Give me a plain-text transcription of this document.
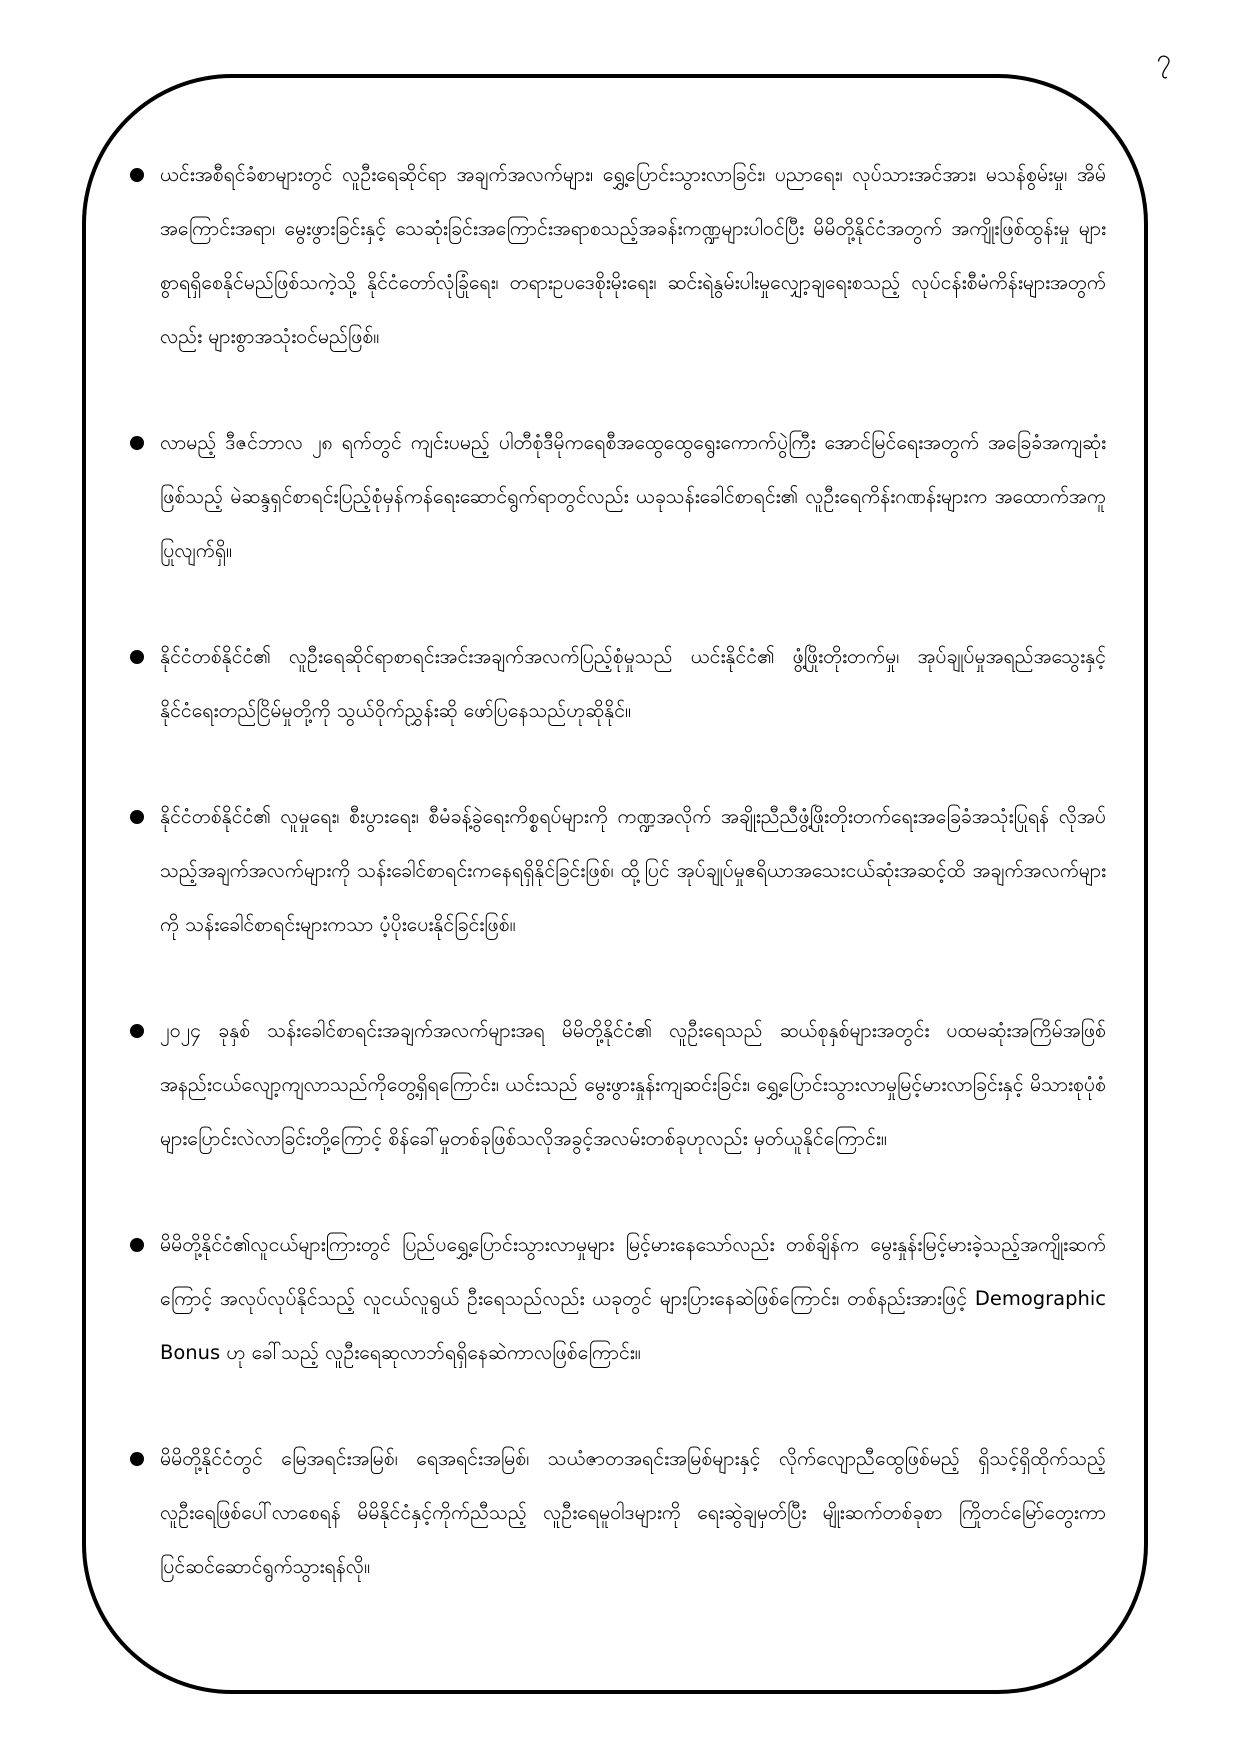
၇
ယင်းအစီရင်ခံစာများတွင် လူဦးရေဆိုင်ရာ အချက်အလက်များ၊ ရွှေ့ပြောင်းသွားလာခြင်း၊ ပညာရေး၊ လုပ်သားအင်အား၊ မသန်စွမ်းမှု၊ အိမ်အကြောင်းအရာ၊ မွေးဖွားခြင်းနှင့် သေဆုံးခြင်းအကြောင်းအရာစသည့်အခန်းကဏ္ဍများပါဝင်ပြီး မိမိတို့နိုင်ငံအတွက် အကျိုးဖြစ်ထွန်းမှု များစွာရရှိစေနိုင်မည်ဖြစ်သကဲ့သို့ နိုင်ငံတော်လုံခြုံရေး၊ တရားဥပဒေစိုးမိုးရေး၊ ဆင်းရဲနွမ်းပါးမှုလျှော့ချရေးစသည့် လုပ်ငန်းစီမံကိန်းများအတွက်လည်း များစွာအသုံးဝင်မည်ဖြစ်။
လာမည့် ဒီဇင်ဘာလ ၂၈ ရက်တွင် ကျင်းပမည့် ပါတီစုံဒီမိုကရေစီအထွေထွေရွေးကောက်ပွဲကြီး အောင်မြင်ရေးအတွက် အခြေခံအကျဆုံးဖြစ်သည့် မဲဆန္ဒရှင်စာရင်းပြည့်စုံမှန်ကန်ရေးဆောင်ရွက်ရာတွင်လည်း ယခုသန်းခေါင်စာရင်း၏ လူဦးရေကိန်းဂဏန်းများက အထောက်အကူပြုလျက်ရှိ။
နိုင်ငံတစ်နိုင်ငံ၏ လူဦးရေဆိုင်ရာစာရင်းအင်းအချက်အလက်ပြည့်စုံမှုသည် ယင်းနိုင်ငံ၏ ဖွံ့ဖြိုးတိုးတက်မှု၊ အုပ်ချုပ်မှုအရည်အသွေးနှင့် နိုင်ငံရေးတည်ငြိမ်မှုတို့ကို သွယ်ဝိုက်ညွှန်းဆို ဖော်ပြနေသည်ဟုဆိုနိုင်။
နိုင်ငံတစ်နိုင်ငံ၏ လူမှုရေး၊ စီးပွားရေး၊ စီမံခန့်ခွဲရေးကိစ္စရပ်များကို ကဏ္ဍအလိုက် အချိုးညီညီဖွံ့ဖြိုးတိုးတက်ရေးအခြေခံအသုံးပြုရန် လိုအပ်သည့်အချက်အလက်များကို သန်းခေါင်စာရင်းကနေရရှိနိုင်ခြင်းဖြစ်၊ ထို့ပြင် အုပ်ချုပ်မှုဧရိယာအသေးငယ်ဆုံးအဆင့်ထိ အချက်အလက်များကို သန်းခေါင်စာရင်းများကသာ ပံ့ပိုးပေးနိုင်ခြင်းဖြစ်။
၂၀၂၄ ခုနှစ် သန်းခေါင်စာရင်းအချက်အလက်များအရ မိမိတို့နိုင်ငံ၏ လူဦးရေသည် ဆယ်စုနှစ်များအတွင်း ပထမဆုံးအကြိမ်အဖြစ် အနည်းငယ်လျော့ကျလာသည်ကိုတွေ့ရှိရကြောင်း၊ ယင်းသည် မွေးဖွားနှုန်းကျဆင်းခြင်း၊ ရွှေ့ပြောင်းသွားလာမှုမြင့်မားလာခြင်းနှင့် မိသားစုပုံစံများပြောင်းလဲလာခြင်းတို့ကြောင့် စိန်ခေါ်မှုတစ်ခုဖြစ်သလိုအခွင့်အလမ်းတစ်ခုဟုလည်း မှတ်ယူနိုင်ကြောင်း။
မိမိတို့နိုင်ငံ၏လူငယ်များကြားတွင် ပြည်ပရွှေ့ပြောင်းသွားလာမှုများ မြင့်မားနေသော်လည်း တစ်ချိန်က မွေးနှုန်းမြင့်မားခဲ့သည့်အကျိုးဆက်ကြောင့် အလုပ်လုပ်နိုင်သည့် လူငယ်လူရွယ် ဦးရေသည်လည်း ယခုတွင် များပြားနေဆဲဖြစ်ကြောင်း၊ တစ်နည်းအားဖြင့် Demographic Bonus ဟု ခေါ်သည့် လူဦးရေဆုလာဘ်ရရှိနေဆဲကာလဖြစ်ကြောင်း။
မိမိတို့နိုင်ငံတွင် မြေအရင်းအမြစ်၊ ရေအရင်းအမြစ်၊ သယံဇာတအရင်းအမြစ်များနှင့် လိုက်လျောညီထွေဖြစ်မည့် ရှိသင့်ရှိထိုက်သည့် လူဦးရေဖြစ်ပေါ်လာစေရန် မိမိနိုင်ငံနှင့်ကိုက်ညီသည့် လူဦးရေမူဝါဒများကို ရေးဆွဲချမှတ်ပြီး မျိုးဆက်တစ်ခုစာ ကြိုတင်မြော်တွေးကာ ပြင်ဆင်ဆောင်ရွက်သွားရန်လို။
